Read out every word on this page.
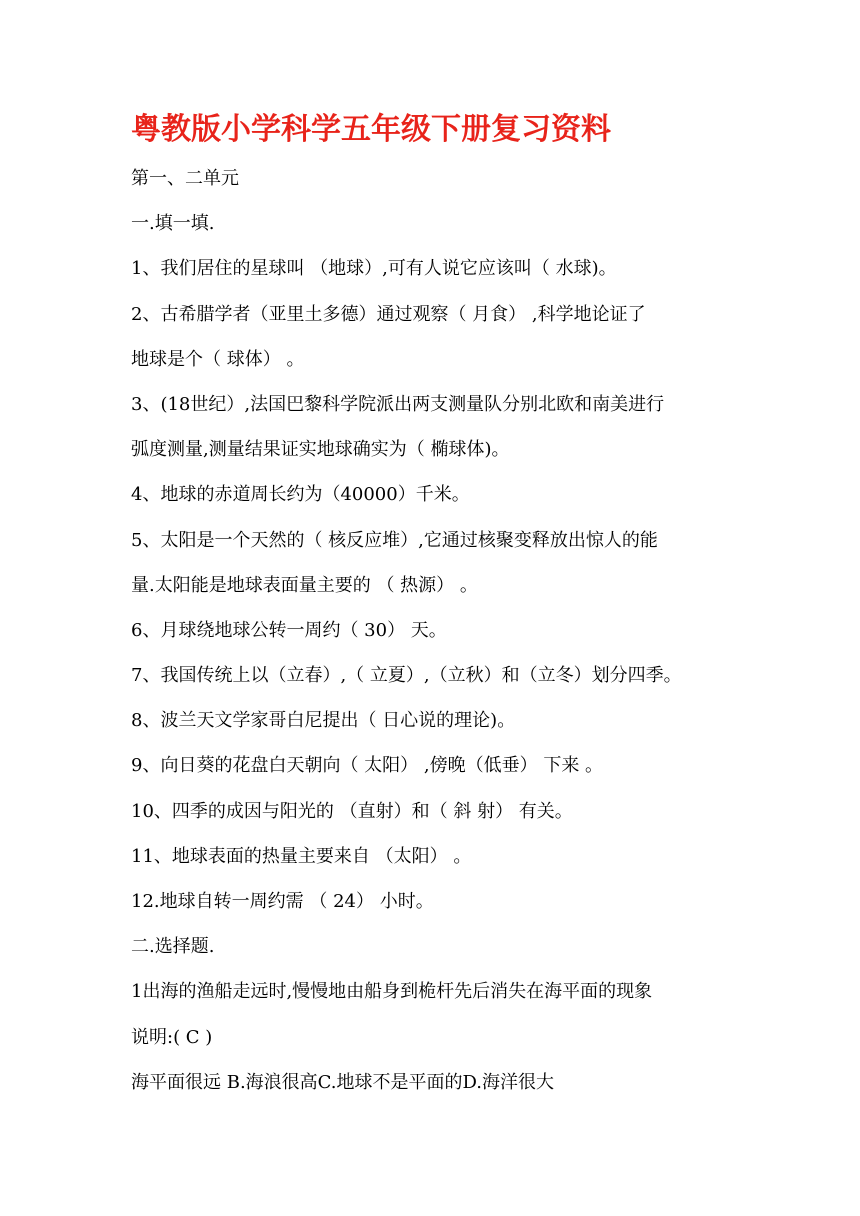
粤教版小学科学五年级下册复习资料
第一、二单元
一.填一填.
1、我们居住的星球叫 （地球）,可有人说它应该叫（ 水球)。
2、古希腊学者（亚里土多德）通过观察（ 月食） ,科学地论证了
地球是个（ 球体） 。
3、(18世纪）,法国巴黎科学院派出两支测量队分别北欧和南美进行
弧度测量,测量结果证实地球确实为（ 椭球体)。
4、地球的赤道周长约为（40000）千米。
5、太阳是一个天然的（ 核反应堆）,它通过核聚变释放出惊人的能
量.太阳能是地球表面量主要的 （ 热源） 。
6、月球绕地球公转一周约（ 30） 天。
7、我国传统上以（立春）,（ 立夏）,（立秋）和（立冬）划分四季。
8、波兰天文学家哥白尼提出（ 日心说的理论)。
9、向日葵的花盘白天朝向（ 太阳） ,傍晚（低垂） 下来 。
10、四季的成因与阳光的 （直射）和（ 斜 射） 有关。
11、地球表面的热量主要来自 （太阳） 。
12.地球自转一周约需 （ 24） 小时。
二.选择题.
1出海的渔船走远时,慢慢地由船身到桅杆先后消失在海平面的现象
说明:( C )
海平面很远 B.海浪很高C.地球不是平面的D.海洋很大
